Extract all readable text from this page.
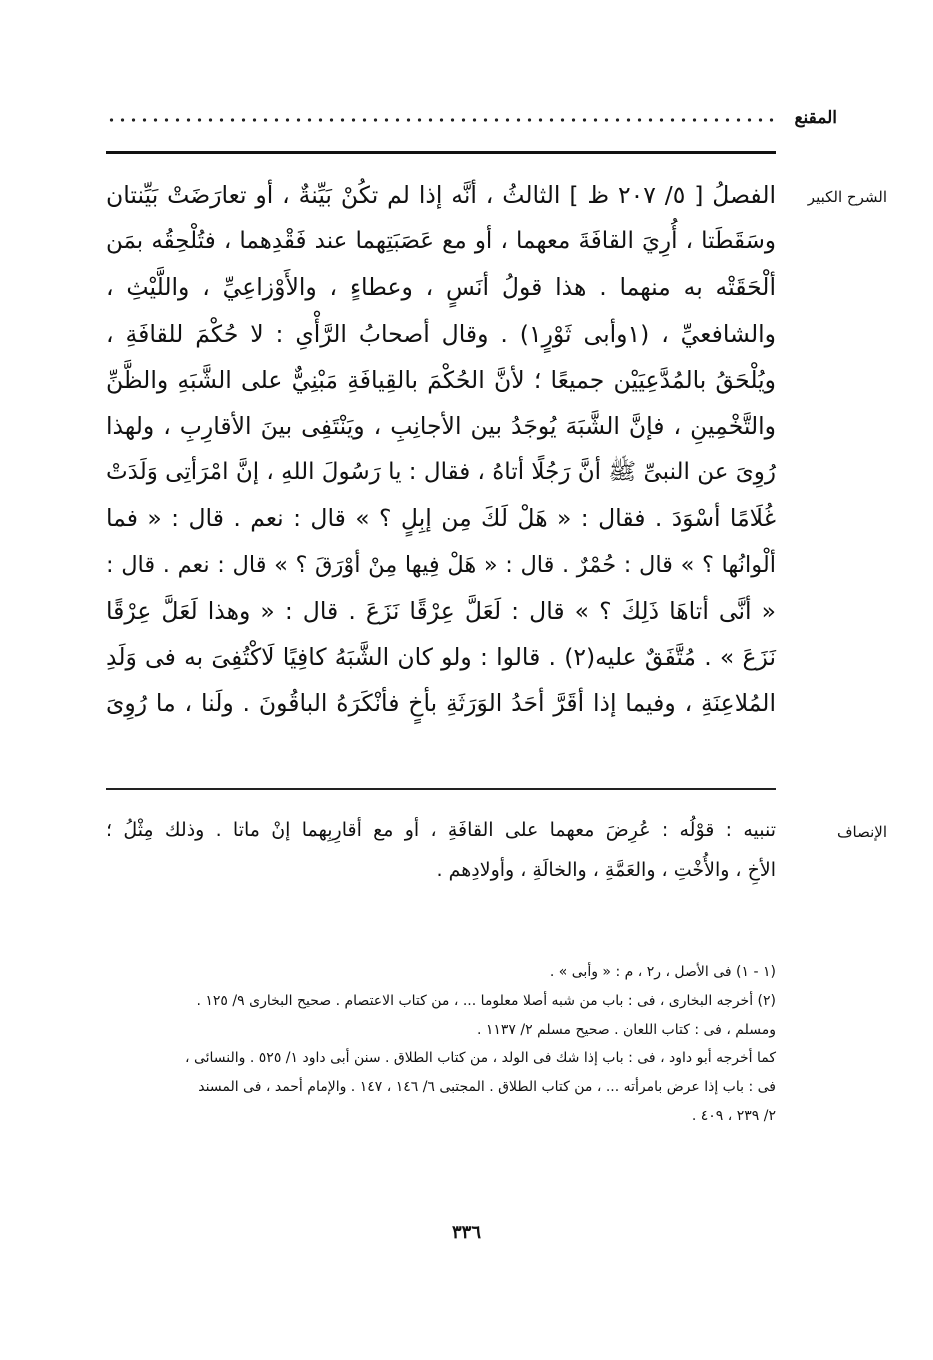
المقنع
الشرح الكبير
الفصلُ [ ٥/ ٢٠٧ ظ ] الثالثُ ، أنَّه إذا لم تكُنْ بَيِّنةٌ ، أو تعارَضَتْ بَيِّنتان
وسَقَطَتا ، أُرِيَ القافَةَ معهما ، أو مع عَصَبَتِهما عند فَقْدِهما ، فتُلْحِقُه بمَن
ألْحَقَتْه به منهما . هذا قولُ أنَسٍ ، وعطاءٍ ، والأَوْزاعِيِّ ، واللَّيْثِ ،
والشافعيِّ ، (١وأبى ثَوْرٍ١) . وقال أصحابُ الرَّأْىِ : لا حُكْمَ للقافَةِ ،
ويُلْحَقُ بالمُدَّعِيَيْن جميعًا ؛ لأنَّ الحُكْمَ بالقِيافَةِ مَبْنِيٌّ على الشَّبَهِ والظَّنِّ
والتَّخْمِينِ ، فإنَّ الشَّبَهَ يُوجَدُ بين الأجانِبِ ، ويَنْتَفِى بينَ الأقارِبِ ، ولهذا
رُوِىَ عن النبىِّ ﷺ أنَّ رَجُلًا أتاهُ ، فقال : يا رَسُولَ اللهِ ، إنَّ امْرَأتِى وَلَدَتْ
غُلَامًا أسْوَدَ . فقال : « هَلْ لَكَ مِن إبِلٍ ؟ » قال : نعم . قال : « فما
ألْوانُها ؟ » قال : حُمْرٌ . قال : « هَلْ فِيها مِنْ أوْرَقَ ؟ » قال : نعم . قال :
« أنَّى أتاهَا ذَلِكَ ؟ » قال : لَعَلَّ عِرْقًا نَزَعَ . قال : « وهذا لَعَلَّ عِرْقًا
نَزَعَ » . مُتَّفَقٌ عليه(٢) . قالوا : ولو كان الشَّبَهُ كافِيًا لَاكْتُفِىَ به فى وَلَدِ
المُلاعِنَةِ ، وفيما إذا أقَرَّ أحَدُ الوَرَثَةِ بأخٍ فأنْكَرَهُ الباقُونَ . ولَنا ، ما رُوِىَ
الإنصاف
تنبيه : قوْلُه : عُرِضَ معهما على القافَةِ ، أو مع أقارِبِهما إنْ ماتا . وذلك مِثْلُ ؛
الأخِ ، والأُخْتِ ، والعَمَّةِ ، والخالَةِ ، وأولادِهم .
(١ - ١) فى الأصل ، ر٢ ، م : « وأبى » .
(٢) أخرجه البخارى ، فى : باب من شبه أصلا معلوما ... ، من كتاب الاعتصام . صحيح البخارى ٩/ ١٢٥ .
ومسلم ، فى : كتاب اللعان . صحيح مسلم ٢/ ١١٣٧ .
كما أخرجه أبو داود ، فى : باب إذا شك فى الولد ، من كتاب الطلاق . سنن أبى داود ١/ ٥٢٥ . والنسائى ،
فى : باب إذا عرض بامرأته ... ، من كتاب الطلاق . المجتبى ٦/ ١٤٦ ، ١٤٧ . والإمام أحمد ، فى المسند
٢/ ٢٣٩ ، ٤٠٩ .
٣٣٦
